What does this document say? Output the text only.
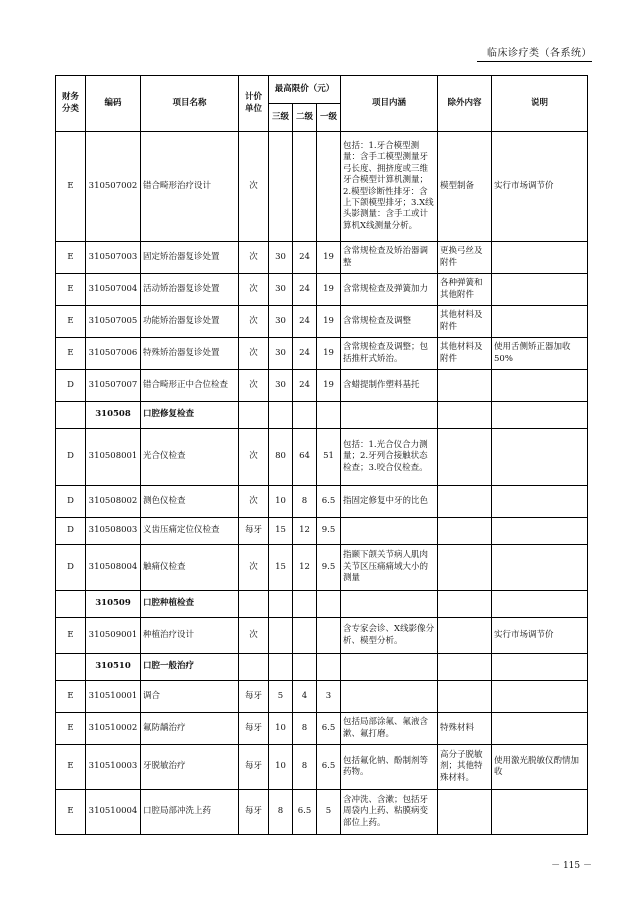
临床诊疗类（各系统）
财务分类	编码	项目名称	计价单位	最高限价（元）			项目内涵	除外内容	说明
				三级	二级	一级			
E	310507002	错合畸形治疗设计	次				包括：1.牙合模型测量：含手工模型测量牙弓长度、拥挤度或三维牙合模型计算机测量；2.模型诊断性排牙：含上下颌模型排牙；3.X线头影测量：含手工或计算机X线测量分析。	模型制备	实行市场调节价
E	310507003	固定矫治器复诊处置	次	30	24	19	含常规检查及矫治器调整	更换弓丝及附件	
E	310507004	活动矫治器复诊处置	次	30	24	19	含常规检查及弹簧加力	各种弹簧和其他附件	
E	310507005	功能矫治器复诊处置	次	30	24	19	含常规检查及调整	其他材料及附件	
E	310507006	特殊矫治器复诊处置	次	30	24	19	含常规检查及调整；包括推杆式矫治。	其他材料及附件	使用舌侧矫正器加收50%
D	310507007	错合畸形正中合位检查	次	30	24	19	含蜡提制作塑料基托		
	310508	口腔修复检查							
D	310508001	光合仪检查	次	80	64	51	包括：1.光合仪合力测量；2.牙列合接触状态检查；3.咬合仪检查。		
D	310508002	测色仪检查	次	10	8	6.5	指固定修复中牙的比色		
D	310508003	义齿压痛定位仪检查	每牙	15	12	9.5			
D	310508004	触痛仪检查	次	15	12	9.5	指颞下颌关节病人肌肉关节区压痛痛域大小的测量		
	310509	口腔种植检查							
E	310509001	种植治疗设计	次				含专家会诊、X线影像分析、模型分析。		实行市场调节价
	310510	口腔一般治疗							
E	310510001	调合	每牙	5	4	3			
E	310510002	氟防龋治疗	每牙	10	8	6.5	包括局部涂氟、氟液含漱、氟打磨。	特殊材料	
E	310510003	牙脱敏治疗	每牙	10	8	6.5	包括氟化钠、酚制剂等药物。	高分子脱敏剂；其他特殊材料。	使用激光脱敏仪酌情加收
E	310510004	口腔局部冲洗上药	每牙	8	6.5	5	含冲洗、含漱；包括牙周袋内上药、粘膜病变部位上药。		
－ 115 －
